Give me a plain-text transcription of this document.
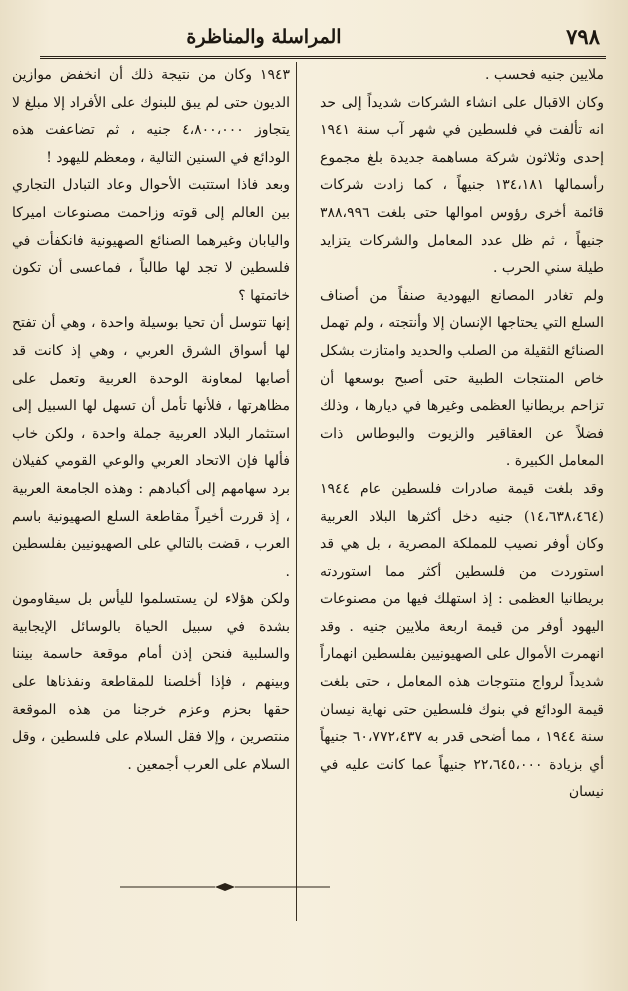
٧٩٨
المراسلة والمناظرة

ملايين جنيه فحسب .

وكان الاقبال على انشاء الشركات شديداً إلى حد انه تألفت في فلسطين في شهر آب سنة ١٩٤١ إحدى وثلاثون شركة مساهمة جديدة بلغ مجموع رأسمالها ١٣٤،١٨١ جنيهاً ، كما زادت شركات قائمة أخرى رؤوس اموالها حتى بلغت ٣٨٨،٩٩٦ جنيهاً ، ثم ظل عدد المعامل والشركات يتزايد طيلة سني الحرب .

ولم تغادر المصانع اليهودية صنفاً من أصناف السلع التي يحتاجها الإنسان إلا وأنتجته ، ولم تهمل الصنائع الثقيلة من الصلب والحديد وامتازت بشكل خاص المنتجات الطبية حتى أصبح بوسعها أن تزاحم بريطانيا العظمى وغيرها في ديارها ، وذلك فضلاً عن العقاقير والزيوت والبوطاس ذات المعامل الكبيرة .

وقد بلغت قيمة صادرات فلسطين عام ١٩٤٤ (١٤،٦٣٨،٤٦٤) جنيه دخل أكثرها البلاد العربية وكان أوفر نصيب للمملكة المصرية ، بل هي قد استوردت من فلسطين أكثر مما استوردته بريطانيا العظمى : إذ استهلك فيها من مصنوعات اليهود أوفر من قيمة اربعة ملايين جنيه . وقد انهمرت الأموال على الصهيونيين بفلسطين انهماراً شديداً لرواج منتوجات هذه المعامل ، حتى بلغت قيمة الودائع في بنوك فلسطين حتى نهاية نيسان سنة ١٩٤٤ ، مما أضحى قدر به ٦٠،٧٧٢،٤٣٧ جنيهاً أي بزيادة ٢٢،٦٤٥،٠٠٠ جنيهاً عما كانت عليه في نيسان

١٩٤٣ وكان من نتيجة ذلك أن انخفض موازين الديون حتى لم يبق للبنوك على الأفراد إلا مبلغ لا يتجاوز ٤،٨٠٠،٠٠٠ جنيه ، ثم تضاعفت هذه الودائع في السنين التالية ، ومعظم لليهود !

وبعد فاذا استتبت الأحوال وعاد التبادل التجاري بين العالم إلى قوته وزاحمت مصنوعات اميركا واليابان وغيرهما الصنائع الصهيونية فانكفأت في فلسطين لا تجد لها طالباً ، فماعسى أن تكون خاتمتها ؟

إنها تتوسل أن تحيا بوسيلة واحدة ، وهي أن تفتح لها أسواق الشرق العربي ، وهي إذ كانت قد أصابها لمعاونة الوحدة العربية وتعمل على مظاهرتها ، فلأنها تأمل أن تسهل لها السبيل إلى استثمار البلاد العربية جملة واحدة ، ولكن خاب فألها فإن الاتحاد العربي والوعي القومي كفيلان برد سهامهم إلى أكبادهم : وهذه الجامعة العربية ، إذ قررت أخيراً مقاطعة السلع الصهيونية باسم العرب ، قضت بالتالي على الصهيونيين بفلسطين .

ولكن هؤلاء لن يستسلموا لليأس بل سيقاومون بشدة في سبيل الحياة بالوسائل الإيجابية والسلبية فنحن إذن أمام موقعة حاسمة بيننا وبينهم ، فإذا أخلصنا للمقاطعة ونفذناها على حقها بحزم وعزم خرجنا من هذه الموقعة منتصرين ، وإلا فقل السلام على فلسطين ، وقل السلام على العرب أجمعين .
